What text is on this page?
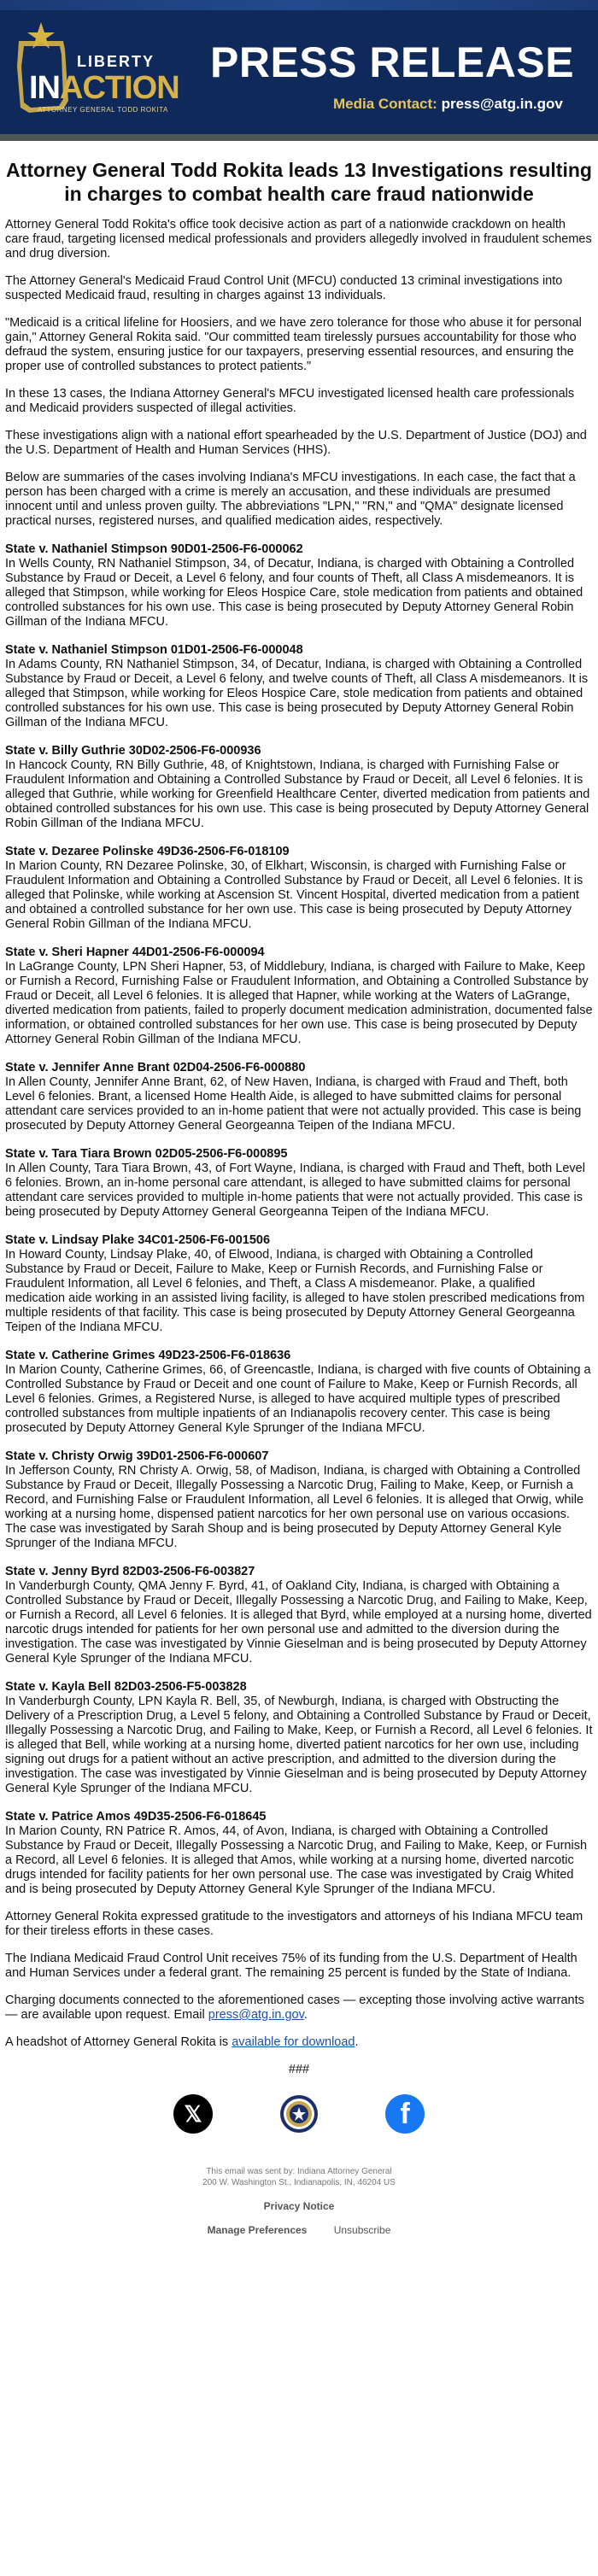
LIBERTY
INACTION
ATTORNEY GENERAL TODD ROKITA
PRESS RELEASE
Media Contact: press@atg.in.gov
Attorney General Todd Rokita leads 13 Investigations resulting in charges to combat health care fraud nationwide

Attorney General Todd Rokita's office took decisive action as part of a nationwide crackdown on health care fraud, targeting licensed medical professionals and providers allegedly involved in fraudulent schemes and drug diversion.

The Attorney General's Medicaid Fraud Control Unit (MFCU) conducted 13 criminal investigations into suspected Medicaid fraud, resulting in charges against 13 individuals.

"Medicaid is a critical lifeline for Hoosiers, and we have zero tolerance for those who abuse it for personal gain," Attorney General Rokita said. "Our committed team tirelessly pursues accountability for those who defraud the system, ensuring justice for our taxpayers, preserving essential resources, and ensuring the proper use of controlled substances to protect patients."

In these 13 cases, the Indiana Attorney General's MFCU investigated licensed health care professionals and Medicaid providers suspected of illegal activities.

These investigations align with a national effort spearheaded by the U.S. Department of Justice (DOJ) and the U.S. Department of Health and Human Services (HHS).

Below are summaries of the cases involving Indiana's MFCU investigations. In each case, the fact that a person has been charged with a crime is merely an accusation, and these individuals are presumed innocent until and unless proven guilty. The abbreviations "LPN," "RN," and "QMA" designate licensed practical nurses, registered nurses, and qualified medication aides, respectively.

State v. Nathaniel Stimpson 90D01-2506-F6-000062

In Wells County, RN Nathaniel Stimpson, 34, of Decatur, Indiana, is charged with Obtaining a Controlled Substance by Fraud or Deceit, a Level 6 felony, and four counts of Theft, all Class A misdemeanors. It is alleged that Stimpson, while working for Eleos Hospice Care, stole medication from patients and obtained controlled substances for his own use. This case is being prosecuted by Deputy Attorney General Robin Gillman of the Indiana MFCU.

State v. Nathaniel Stimpson 01D01-2506-F6-000048

In Adams County, RN Nathaniel Stimpson, 34, of Decatur, Indiana, is charged with Obtaining a Controlled Substance by Fraud or Deceit, a Level 6 felony, and twelve counts of Theft, all Class A misdemeanors. It is alleged that Stimpson, while working for Eleos Hospice Care, stole medication from patients and obtained controlled substances for his own use. This case is being prosecuted by Deputy Attorney General Robin Gillman of the Indiana MFCU.

State v. Billy Guthrie 30D02-2506-F6-000936

In Hancock County, RN Billy Guthrie, 48, of Knightstown, Indiana, is charged with Furnishing False or Fraudulent Information and Obtaining a Controlled Substance by Fraud or Deceit, all Level 6 felonies. It is alleged that Guthrie, while working for Greenfield Healthcare Center, diverted medication from patients and obtained controlled substances for his own use. This case is being prosecuted by Deputy Attorney General Robin Gillman of the Indiana MFCU.

State v. Dezaree Polinske 49D36-2506-F6-018109

In Marion County, RN Dezaree Polinske, 30, of Elkhart, Wisconsin, is charged with Furnishing False or Fraudulent Information and Obtaining a Controlled Substance by Fraud or Deceit, all Level 6 felonies. It is alleged that Polinske, while working at Ascension St. Vincent Hospital, diverted medication from a patient and obtained a controlled substance for her own use. This case is being prosecuted by Deputy Attorney General Robin Gillman of the Indiana MFCU.

State v. Sheri Hapner 44D01-2506-F6-000094

In LaGrange County, LPN Sheri Hapner, 53, of Middlebury, Indiana, is charged with Failure to Make, Keep or Furnish a Record, Furnishing False or Fraudulent Information, and Obtaining a Controlled Substance by Fraud or Deceit, all Level 6 felonies. It is alleged that Hapner, while working at the Waters of LaGrange, diverted medication from patients, failed to properly document medication administration, documented false information, or obtained controlled substances for her own use. This case is being prosecuted by Deputy Attorney General Robin Gillman of the Indiana MFCU.

State v. Jennifer Anne Brant 02D04-2506-F6-000880

In Allen County, Jennifer Anne Brant, 62, of New Haven, Indiana, is charged with Fraud and Theft, both Level 6 felonies. Brant, a licensed Home Health Aide, is alleged to have submitted claims for personal attendant care services provided to an in-home patient that were not actually provided. This case is being prosecuted by Deputy Attorney General Georgeanna Teipen of the Indiana MFCU.

State v. Tara Tiara Brown 02D05-2506-F6-000895

In Allen County, Tara Tiara Brown, 43, of Fort Wayne, Indiana, is charged with Fraud and Theft, both Level 6 felonies. Brown, an in-home personal care attendant, is alleged to have submitted claims for personal attendant care services provided to multiple in-home patients that were not actually provided. This case is being prosecuted by Deputy Attorney General Georgeanna Teipen of the Indiana MFCU.

State v. Lindsay Plake 34C01-2506-F6-001506

In Howard County, Lindsay Plake, 40, of Elwood, Indiana, is charged with Obtaining a Controlled Substance by Fraud or Deceit, Failure to Make, Keep or Furnish Records, and Furnishing False or Fraudulent Information, all Level 6 felonies, and Theft, a Class A misdemeanor. Plake, a qualified medication aide working in an assisted living facility, is alleged to have stolen prescribed medications from multiple residents of that facility. This case is being prosecuted by Deputy Attorney General Georgeanna Teipen of the Indiana MFCU.

State v. Catherine Grimes 49D23-2506-F6-018636

In Marion County, Catherine Grimes, 66, of Greencastle, Indiana, is charged with five counts of Obtaining a Controlled Substance by Fraud or Deceit and one count of Failure to Make, Keep or Furnish Records, all Level 6 felonies. Grimes, a Registered Nurse, is alleged to have acquired multiple types of prescribed controlled substances from multiple inpatients of an Indianapolis recovery center. This case is being prosecuted by Deputy Attorney General Kyle Sprunger of the Indiana MFCU.

State v. Christy Orwig 39D01-2506-F6-000607

In Jefferson County, RN Christy A. Orwig, 58, of Madison, Indiana, is charged with Obtaining a Controlled Substance by Fraud or Deceit, Illegally Possessing a Narcotic Drug, Failing to Make, Keep, or Furnish a Record, and Furnishing False or Fraudulent Information, all Level 6 felonies. It is alleged that Orwig, while working at a nursing home, dispensed patient narcotics for her own personal use on various occasions. The case was investigated by Sarah Shoup and is being prosecuted by Deputy Attorney General Kyle Sprunger of the Indiana MFCU.

State v. Jenny Byrd 82D03-2506-F6-003827

In Vanderburgh County, QMA Jenny F. Byrd, 41, of Oakland City, Indiana, is charged with Obtaining a Controlled Substance by Fraud or Deceit, Illegally Possessing a Narcotic Drug, and Failing to Make, Keep, or Furnish a Record, all Level 6 felonies. It is alleged that Byrd, while employed at a nursing home, diverted narcotic drugs intended for patients for her own personal use and admitted to the diversion during the investigation. The case was investigated by Vinnie Gieselman and is being prosecuted by Deputy Attorney General Kyle Sprunger of the Indiana MFCU.

State v. Kayla Bell 82D03-2506-F5-003828

In Vanderburgh County, LPN Kayla R. Bell, 35, of Newburgh, Indiana, is charged with Obstructing the Delivery of a Prescription Drug, a Level 5 felony, and Obtaining a Controlled Substance by Fraud or Deceit, Illegally Possessing a Narcotic Drug, and Failing to Make, Keep, or Furnish a Record, all Level 6 felonies. It is alleged that Bell, while working at a nursing home, diverted patient narcotics for her own use, including signing out drugs for a patient without an active prescription, and admitted to the diversion during the investigation. The case was investigated by Vinnie Gieselman and is being prosecuted by Deputy Attorney General Kyle Sprunger of the Indiana MFCU.

State v. Patrice Amos 49D35-2506-F6-018645

In Marion County, RN Patrice R. Amos, 44, of Avon, Indiana, is charged with Obtaining a Controlled Substance by Fraud or Deceit, Illegally Possessing a Narcotic Drug, and Failing to Make, Keep, or Furnish a Record, all Level 6 felonies. It is alleged that Amos, while working at a nursing home, diverted narcotic drugs intended for facility patients for her own personal use. The case was investigated by Craig Whited and is being prosecuted by Deputy Attorney General Kyle Sprunger of the Indiana MFCU.

Attorney General Rokita expressed gratitude to the investigators and attorneys of his Indiana MFCU team for their tireless efforts in these cases.

The Indiana Medicaid Fraud Control Unit receives 75% of its funding from the U.S. Department of Health and Human Services under a federal grant. The remaining 25 percent is funded by the State of Indiana.

Charging documents connected to the aforementioned cases — excepting those involving active warrants — are available upon request. Email press@atg.in.gov.

A headshot of Attorney General Rokita is available for download.

###

𝕏	f
This email was sent by: Indiana Attorney General
200 W. Washington St., Indianapolis, IN, 46204 US
Privacy Notice
Manage Preferences	Unsubscribe
